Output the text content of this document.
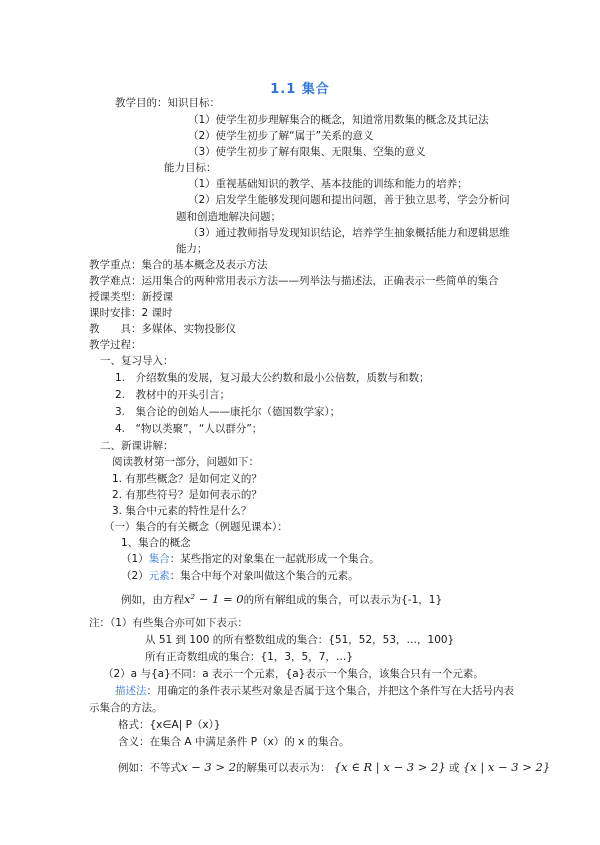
1.1 集合
教学目的：知识目标：
（1）使学生初步理解集合的概念，知道常用数集的概念及其记法
（2）使学生初步了解“属于”关系的意义
（3）使学生初步了解有限集、无限集、空集的意义
能力目标：
（1）重视基础知识的教学、基本技能的训练和能力的培养；
（2）启发学生能够发现问题和提出问题，善于独立思考，学会分析问
题和创造地解决问题；
（3）通过教师指导发现知识结论，培养学生抽象概括能力和逻辑思维
能力；
教学重点：集合的基本概念及表示方法
教学难点：运用集合的两种常用表示方法——列举法与描述法，正确表示一些简单的集合
授课类型：新授课
课时安排：2 课时
教　　具：多媒体、实物投影仪
教学过程：
一、复习导入：
1.　介绍数集的发展，复习最大公约数和最小公倍数，质数与和数；
2.　教材中的开头引言；
3.　集合论的创始人——康托尔（德国数学家）；
4.　“物以类聚”，“人以群分”；
二、新课讲解：
阅读教材第一部分，问题如下：
1. 有那些概念？是如何定义的？
2. 有那些符号？是如何表示的？
3. 集合中元素的特性是什么？
（一）集合的有关概念（例题见课本）：
1、集合的概念
（1）集合：某些指定的对象集在一起就形成一个集合。
（2）元素：集合中每个对象叫做这个集合的元素。
例如，由方程x² − 1 = 0的所有解组成的集合，可以表示为{-1，1}
注：（1）有些集合亦可如下表示：
从 51 到 100 的所有整数组成的集合：{51，52，53，…，100}
所有正奇数组成的集合：{1，3，5，7，…}
（2）a 与{a}不同：a 表示一个元素，{a}表示一个集合，该集合只有一个元素。
描述法：用确定的条件表示某些对象是否属于这个集合，并把这个条件写在大括号内表
示集合的方法。
格式：{x∈A| P（x）}
含义：在集合 A 中满足条件 P（x）的 x 的集合。
例如：不等式x − 3 > 2的解集可以表示为： {x ∈ R | x − 3 > 2} 或 {x | x − 3 > 2}
